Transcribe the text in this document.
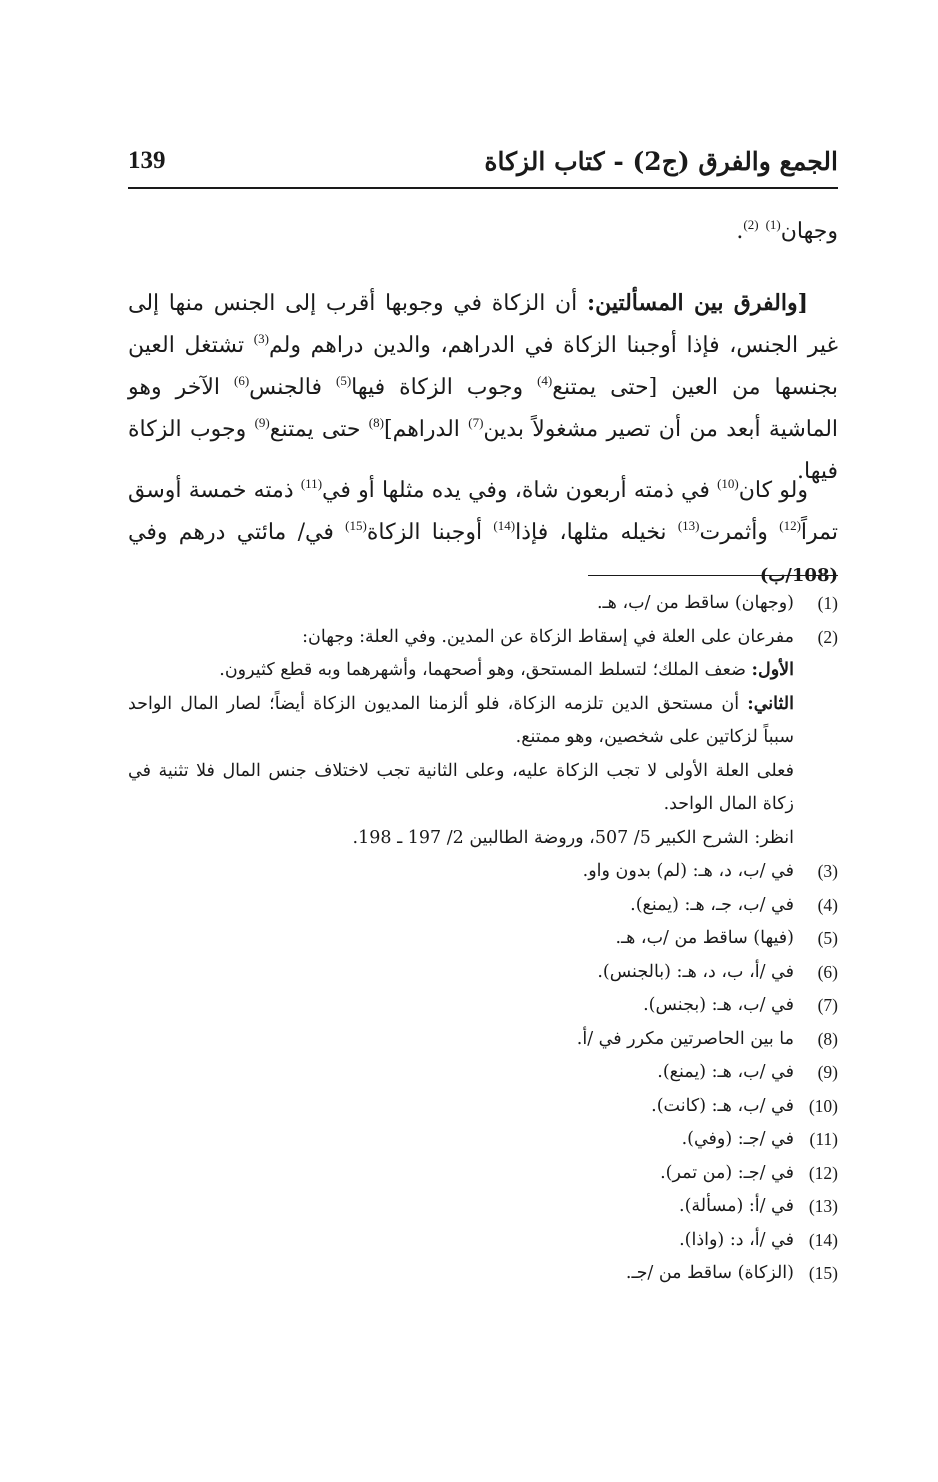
الجمع والفرق (ج2) - كتاب الزكاة
139
وجهان$^{(1)}$ $^{(2)}$.

[والفرق بين المسألتين: أن الزكاة في وجوبها أقرب إلى الجنس منها إلى غير الجنس، فإذا أوجبنا الزكاة في الدراهم، والدين دراهم ولم$^{(3)}$ تشتغل العين بجنسها من العين [حتى يمتنع$^{(4)}$ وجوب الزكاة فيها$^{(5)}$ فالجنس$^{(6)}$ الآخر وهو الماشية أبعد من أن تصير مشغولاً بدين$^{(7)}$ الدراهم]$^{(8)}$ حتى يمتنع$^{(9)}$ وجوب الزكاة فيها.

ولو كان$^{(10)}$ في ذمته أربعون شاة، وفي يده مثلها أو في$^{(11)}$ ذمته خمسة أوسق تمراً$^{(12)}$ وأثمرت$^{(13)}$ نخيله مثلها، فإذا$^{(14)}$ أوجبنا الزكاة$^{(15)}$ في/ مائتي درهم وفي (108/ب)

(1)
(وجهان) ساقط من /ب، هـ.
(2)
مفرعان على العلة في إسقاط الزكاة عن المدين. وفي العلة: وجهان:
الأول: ضعف الملك؛ لتسلط المستحق، وهو أصحهما، وأشهرهما وبه قطع كثيرون.
الثاني: أن مستحق الدين تلزمه الزكاة، فلو ألزمنا المديون الزكاة أيضاً؛ لصار المال الواحد سبباً لزكاتين على شخصين، وهو ممتنع.
فعلى العلة الأولى لا تجب الزكاة عليه، وعلى الثانية تجب لاختلاف جنس المال فلا تثنية في زكاة المال الواحد.
انظر: الشرح الكبير 5/ 507، وروضة الطالبين 2/ 197 ـ 198.
(3)
في /ب، د، هـ: (لم) بدون واو.
(4)
في /ب، جـ، هـ: (يمنع).
(5)
(فيها) ساقط من /ب، هـ.
(6)
في /أ، ب، د، هـ: (بالجنس).
(7)
في /ب، هـ: (بجنس).
(8)
ما بين الحاصرتين مكرر في /أ.
(9)
في /ب، هـ: (يمنع).
(10)
في /ب، هـ: (كانت).
(11)
في /جـ: (وفي).
(12)
في /جـ: (من تمر).
(13)
في /أ: (مسألة).
(14)
في /أ، د: (واذا).
(15)
(الزكاة) ساقط من /جـ.
